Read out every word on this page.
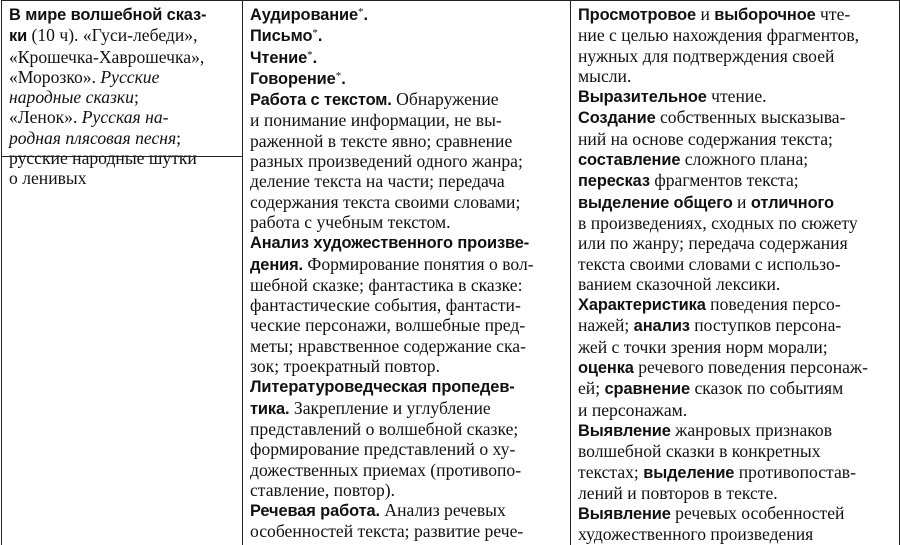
В мире волшебной сказ-
ки (10 ч). «Гуси-лебеди»,
«Крошечка-Хаврошечка»,
«Морозко». Русские
народные сказки;
«Ленок». Русская на-
родная плясовая песня;
русские народные шутки
о ленивых

Аудирование*.
Письмо*.
Чтение*.
Говорение*.
Работа с текстом. Обнаружение
и понимание информации, не вы-
раженной в тексте явно; сравнение
разных произведений одного жанра;
деление текста на части; передача
содержания текста своими словами;
работа с учебным текстом.
Анализ художественного произве-
дения. Формирование понятия о вол-
шебной сказке; фантастика в сказке:
фантастические события, фантасти-
ческие персонажи, волшебные пред-
меты; нравственное содержание ска-
зок; троекратный повтор.
Литературоведческая пропедев-
тика. Закрепление и углубление
представлений о волшебной сказке;
формирование представлений о ху-
дожественных приемах (противопо-
ставление, повтор).
Речевая работа. Анализ речевых
особенностей текста; развитие рече-

Просмотровое и выборочное чте-
ние с целью нахождения фрагментов,
нужных для подтверждения своей
мысли.
Выразительное чтение.
Создание собственных высказыва-
ний на основе содержания текста;
составление сложного плана;
пересказ фрагментов текста;
выделение общего и отличного
в произведениях, сходных по сюжету
или по жанру; передача содержания
текста своими словами с использо-
ванием сказочной лексики.
Характеристика поведения персо-
нажей; анализ поступков персона-
жей с точки зрения норм морали;
оценка речевого поведения персонаж-
ей; сравнение сказок по событиям
и персонажам.
Выявление жанровых признаков
волшебной сказки в конкретных
текстах; выделение противопостав-
лений и повторов в тексте.
Выявление речевых особенностей
художественного произведения
